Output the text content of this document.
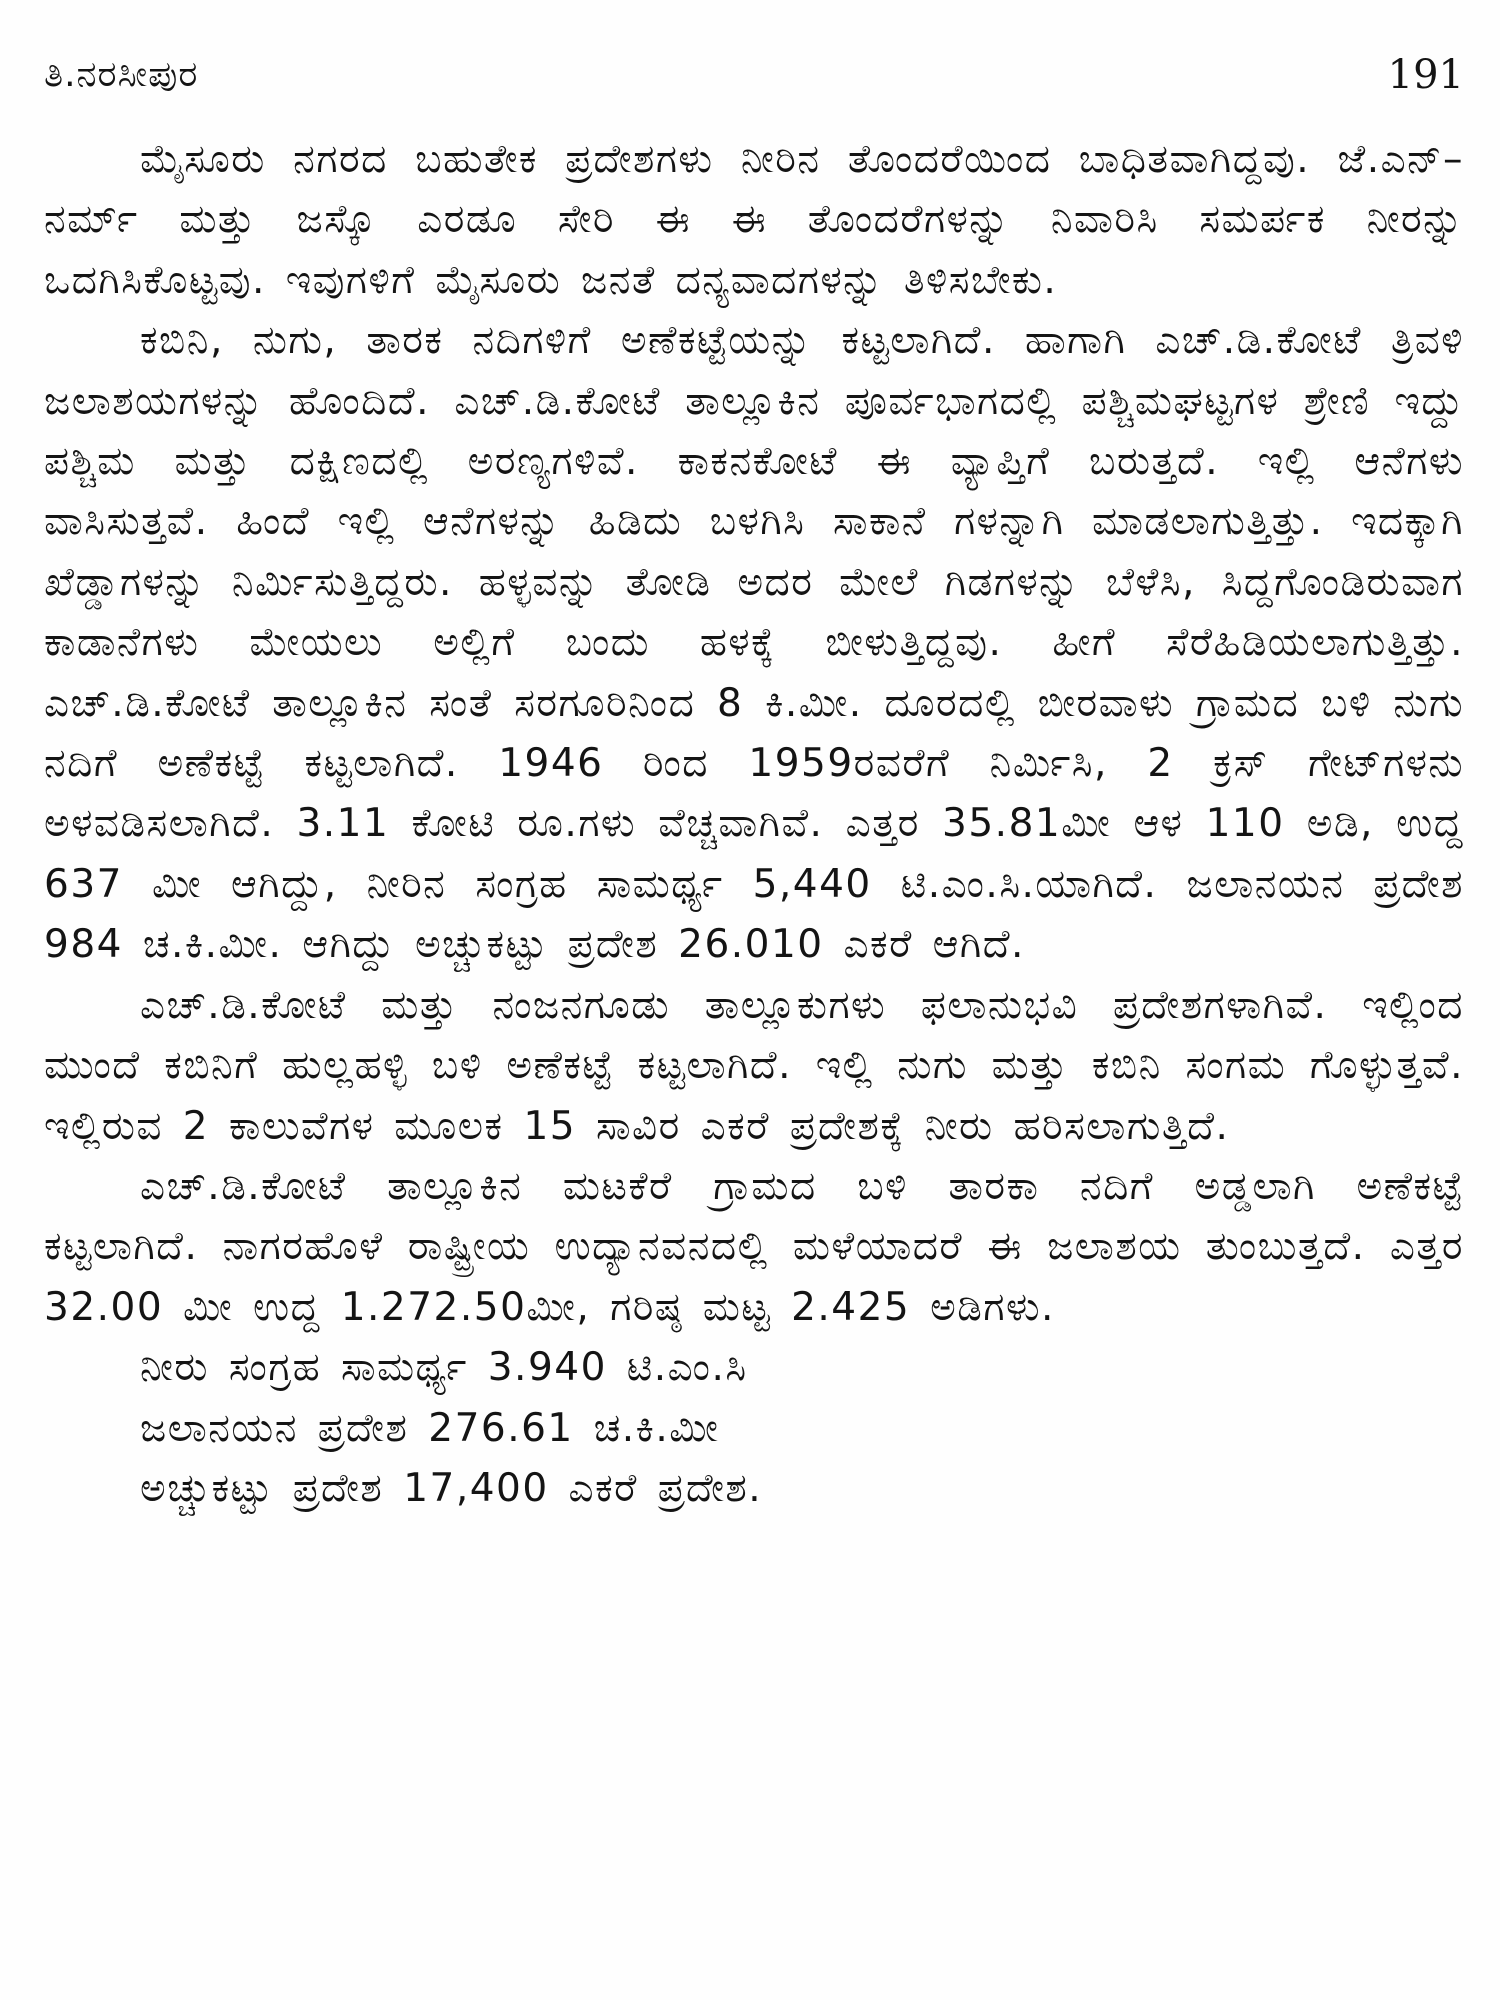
ತಿ.ನರಸೀಪುರ	191

ಮೈಸೂರು ನಗರದ ಬಹುತೇಕ ಪ್ರದೇಶಗಳು ನೀರಿನ ತೊಂದರೆಯಿಂದ ಬಾಧಿತವಾಗಿದ್ದವು. ಜೆ.ಎನ್–ನರ್ಮ್ ಮತ್ತು ಜಸ್ಕೊ ಎರಡೂ ಸೇರಿ ಈ ಈ ತೊಂದರೆಗಳನ್ನು ನಿವಾರಿಸಿ ಸಮರ್ಪಕ ನೀರನ್ನು ಒದಗಿಸಿಕೊಟ್ಟವು. ಇವುಗಳಿಗೆ ಮೈಸೂರು ಜನತೆ ದನ್ಯವಾದಗಳನ್ನು ತಿಳಿಸಬೇಕು.

ಕಬಿನಿ, ನುಗು, ತಾರಕ ನದಿಗಳಿಗೆ ಅಣೆಕಟ್ಟೆಯನ್ನು ಕಟ್ಟಲಾಗಿದೆ. ಹಾಗಾಗಿ ಎಚ್.ಡಿ.ಕೋಟೆ ತ್ರಿವಳಿ ಜಲಾಶಯಗಳನ್ನು ಹೊಂದಿದೆ. ಎಚ್.ಡಿ.ಕೋಟೆ ತಾಲ್ಲೂಕಿನ ಪೂರ್ವಭಾಗದಲ್ಲಿ ಪಶ್ಚಿಮಘಟ್ಟಗಳ ಶ್ರೇಣಿ ಇದ್ದು ಪಶ್ಚಿಮ ಮತ್ತು ದಕ್ಷಿಣದಲ್ಲಿ ಅರಣ್ಯಗಳಿವೆ. ಕಾಕನಕೋಟೆ ಈ ವ್ಯಾಪ್ತಿಗೆ ಬರುತ್ತದೆ. ಇಲ್ಲಿ ಆನೆಗಳು ವಾಸಿಸುತ್ತವೆ. ಹಿಂದೆ ಇಲ್ಲಿ ಆನೆಗಳನ್ನು ಹಿಡಿದು ಬಳಗಿಸಿ ಸಾಕಾನೆ ಗಳನ್ನಾಗಿ ಮಾಡಲಾಗುತ್ತಿತ್ತು. ಇದಕ್ಕಾಗಿ ಖೆಡ್ಡಾಗಳನ್ನು ನಿರ್ಮಿಸುತ್ತಿದ್ದರು. ಹಳ್ಳವನ್ನು ತೋಡಿ ಅದರ ಮೇಲೆ ಗಿಡಗಳನ್ನು ಬೆಳೆಸಿ, ಸಿದ್ದಗೊಂಡಿರುವಾಗ ಕಾಡಾನೆಗಳು ಮೇಯಲು ಅಲ್ಲಿಗೆ ಬಂದು ಹಳಕ್ಕೆ ಬೀಳುತ್ತಿದ್ದವು. ಹೀಗೆ ಸೆರೆಹಿಡಿಯಲಾಗುತ್ತಿತ್ತು. ಎಚ್.ಡಿ.ಕೋಟೆ ತಾಲ್ಲೂಕಿನ ಸಂತೆ ಸರಗೂರಿನಿಂದ 8 ಕಿ.ಮೀ. ದೂರದಲ್ಲಿ ಬೀರವಾಳು ಗ್ರಾಮದ ಬಳಿ ನುಗು ನದಿಗೆ ಅಣೆಕಟ್ಟೆ ಕಟ್ಟಲಾಗಿದೆ. 1946 ರಿಂದ 1959ರವರೆಗೆ ನಿರ್ಮಿಸಿ, 2 ಕ್ರಸ್ ಗೇಟ್‌ಗಳನು ಅಳವಡಿಸಲಾಗಿದೆ. 3.11 ಕೋಟಿ ರೂ.ಗಳು ವೆಚ್ಚವಾಗಿವೆ. ಎತ್ತರ 35.81ಮೀ ಆಳ 110 ಅಡಿ, ಉದ್ದ 637 ಮೀ ಆಗಿದ್ದು, ನೀರಿನ ಸಂಗ್ರಹ ಸಾಮರ್ಥ್ಯ 5,440 ಟಿ.ಎಂ.ಸಿ.ಯಾಗಿದೆ. ಜಲಾನಯನ ಪ್ರದೇಶ 984 ಚ.ಕಿ.ಮೀ. ಆಗಿದ್ದು ಅಚ್ಚುಕಟ್ಟು ಪ್ರದೇಶ 26.010 ಎಕರೆ ಆಗಿದೆ.

ಎಚ್.ಡಿ.ಕೋಟೆ ಮತ್ತು ನಂಜನಗೂಡು ತಾಲ್ಲೂಕುಗಳು ಫಲಾನುಭವಿ ಪ್ರದೇಶಗಳಾಗಿವೆ. ಇಲ್ಲಿಂದ ಮುಂದೆ ಕಬಿನಿಗೆ ಹುಲ್ಲಹಳ್ಳಿ ಬಳಿ ಅಣೆಕಟ್ಟೆ ಕಟ್ಟಲಾಗಿದೆ. ಇಲ್ಲಿ ನುಗು ಮತ್ತು ಕಬಿನಿ ಸಂಗಮ ಗೊಳ್ಳುತ್ತವೆ. ಇಲ್ಲಿರುವ 2 ಕಾಲುವೆಗಳ ಮೂಲಕ 15 ಸಾವಿರ ಎಕರೆ ಪ್ರದೇಶಕ್ಕೆ ನೀರು ಹರಿಸಲಾಗುತ್ತಿದೆ.

ಎಚ್.ಡಿ.ಕೋಟೆ ತಾಲ್ಲೂಕಿನ ಮಟಕೆರೆ ಗ್ರಾಮದ ಬಳಿ ತಾರಕಾ ನದಿಗೆ ಅಡ್ಡಲಾಗಿ ಅಣೆಕಟ್ಟೆ ಕಟ್ಟಲಾಗಿದೆ. ನಾಗರಹೊಳೆ ರಾಷ್ಟ್ರೀಯ ಉದ್ಯಾನವನದಲ್ಲಿ ಮಳೆಯಾದರೆ ಈ ಜಲಾಶಯ ತುಂಬುತ್ತದೆ. ಎತ್ತರ 32.00 ಮೀ ಉದ್ದ 1.272.50ಮೀ, ಗರಿಷ್ಠ ಮಟ್ಟ 2.425 ಅಡಿಗಳು.

ನೀರು ಸಂಗ್ರಹ ಸಾಮರ್ಥ್ಯ 3.940 ಟಿ.ಎಂ.ಸಿ
ಜಲಾನಯನ ಪ್ರದೇಶ 276.61 ಚ.ಕಿ.ಮೀ
ಅಚ್ಚುಕಟ್ಟು ಪ್ರದೇಶ 17,400 ಎಕರೆ ಪ್ರದೇಶ.
